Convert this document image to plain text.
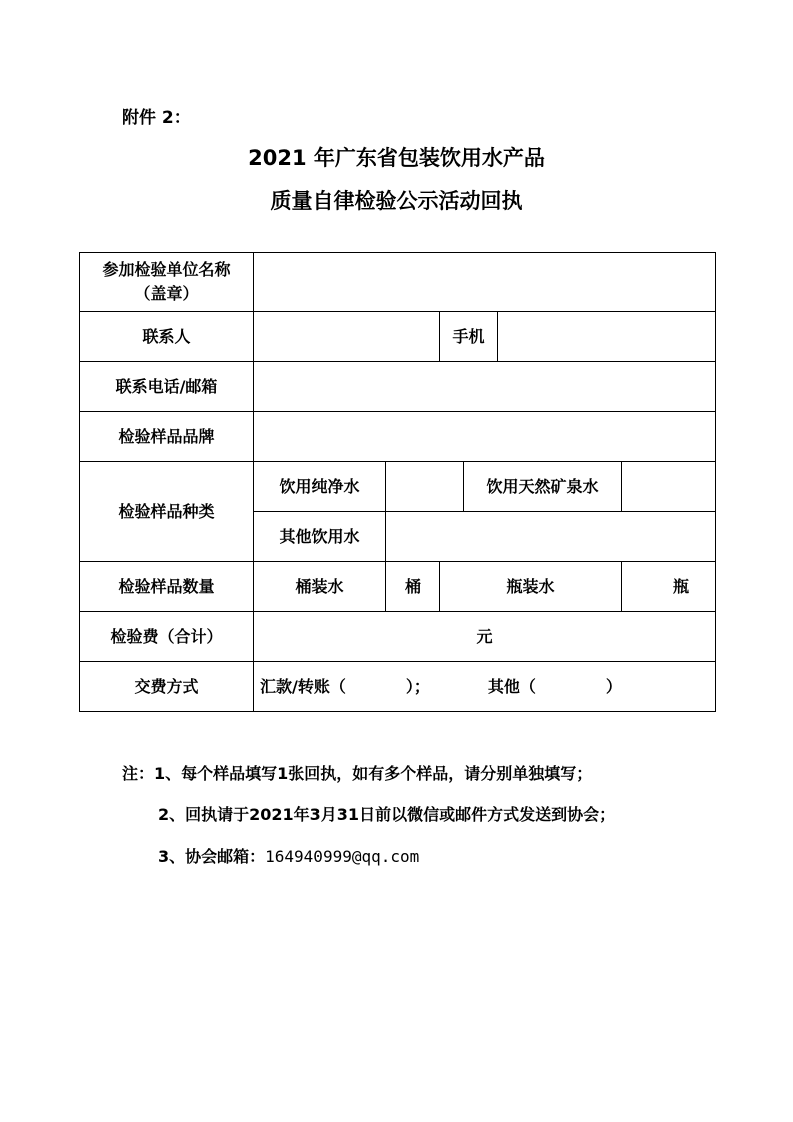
附件 2：
2021 年广东省包装饮用水产品
质量自律检验公示活动回执
参加检验单位名称
（盖章）						
联系人			手机			
联系电话/邮箱						
检验样品品牌						
检验样品种类	饮用纯净水			饮用天然矿泉水		
	其他饮用水					
检验样品数量	桶装水	桶	瓶装水			瓶
检验费（合计）	元					
交费方式	汇款/转账（ ）； 其他（ ）					
注：1、每个样品填写1张回执，如有多个样品，请分别单独填写；
2、回执请于2021年3月31日前以微信或邮件方式发送到协会；
3、协会邮箱：164940999@qq.com
